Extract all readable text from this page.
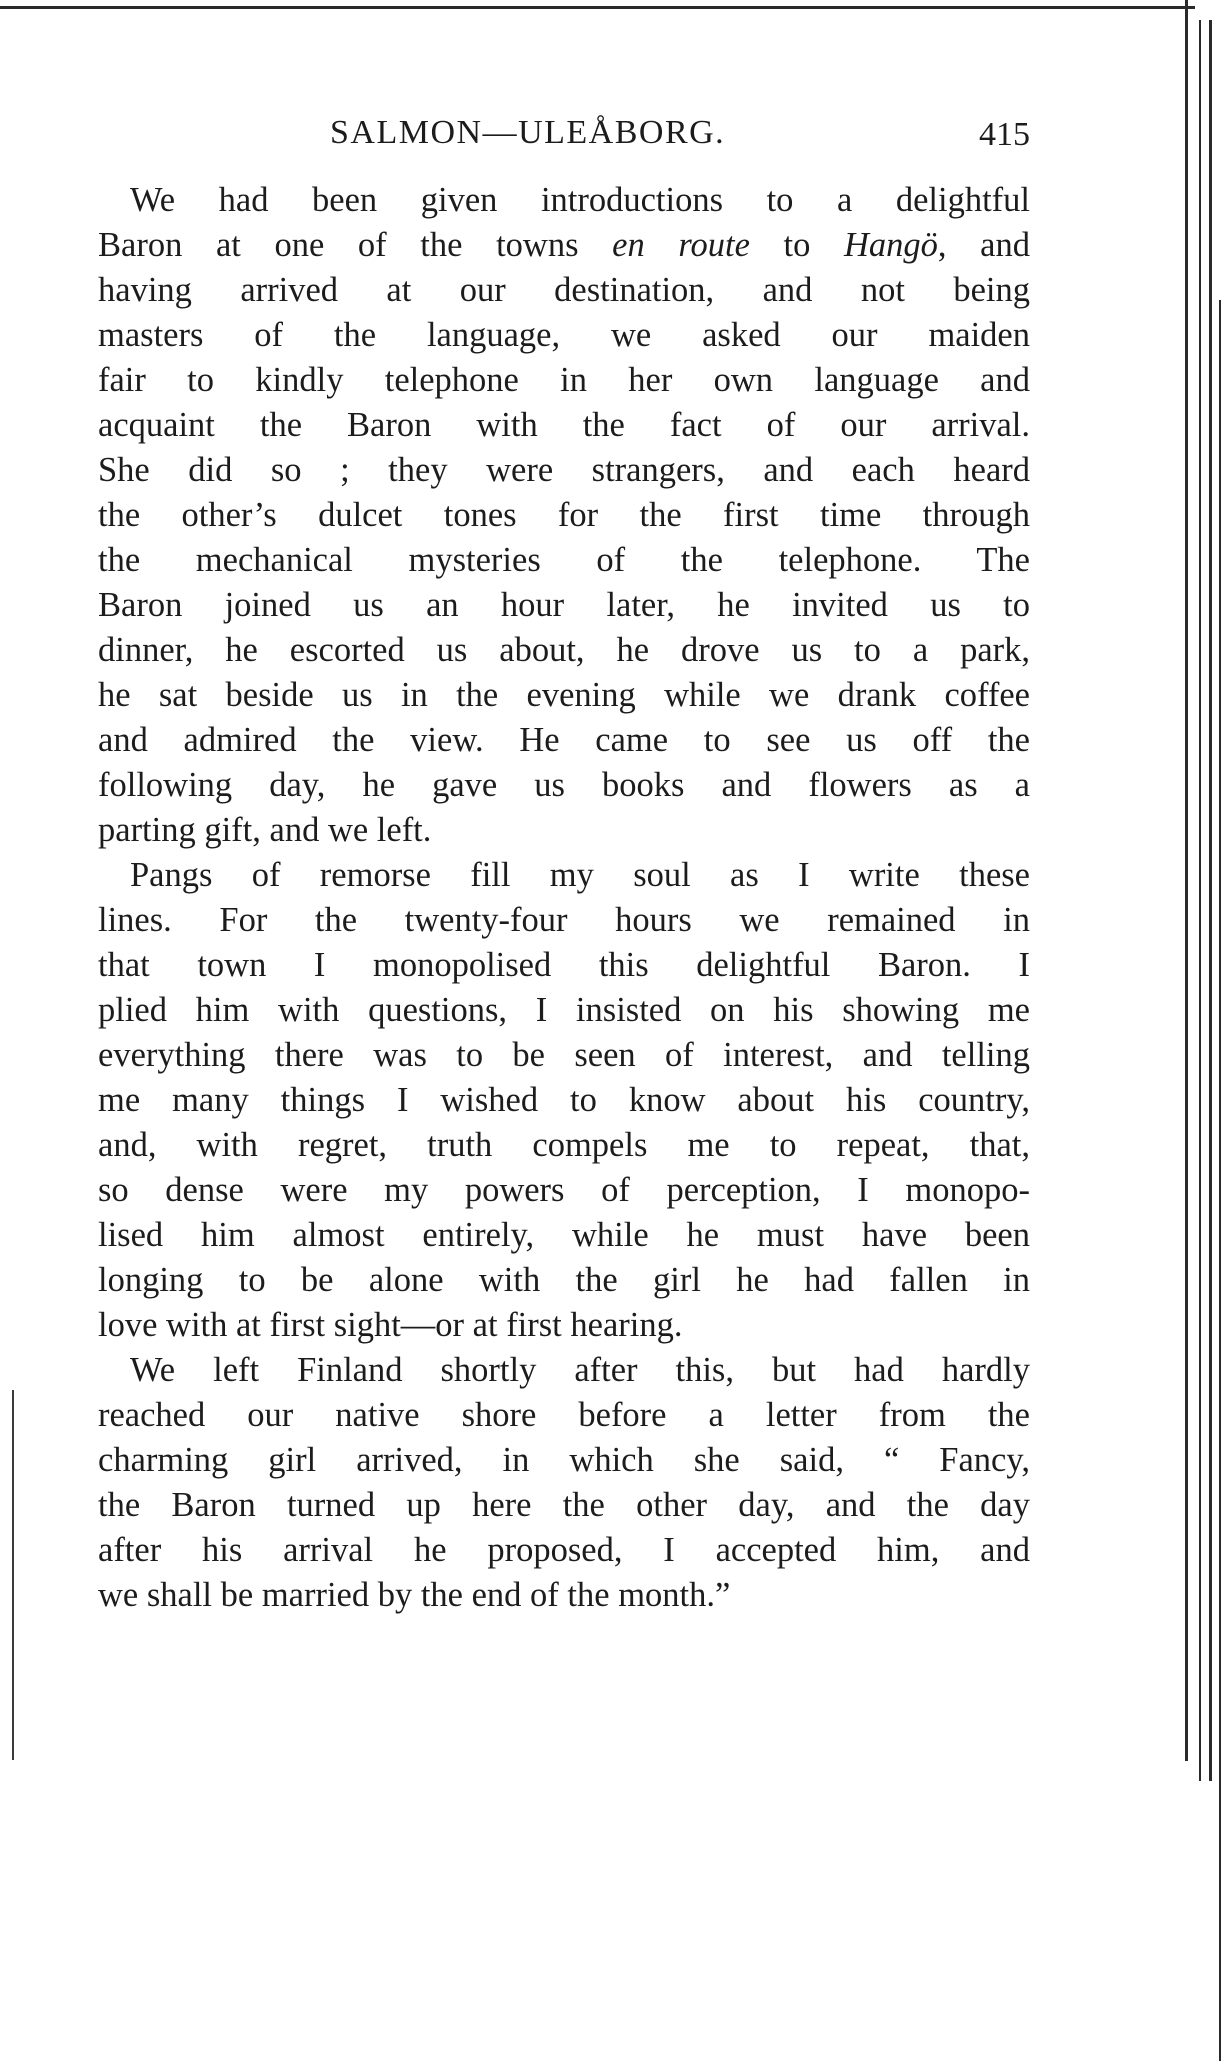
SALMON—ULEÅBORG.	415
We had been given introductions to a delightful
Baron at one of the towns en route to Hangö, and
having arrived at our destination, and not being
masters of the language, we asked our maiden
fair to kindly telephone in her own language and
acquaint the Baron with the fact of our arrival.
She did so ; they were strangers, and each heard
the other’s dulcet tones for the first time through
the mechanical mysteries of the telephone. The
Baron joined us an hour later, he invited us to
dinner, he escorted us about, he drove us to a park,
he sat beside us in the evening while we drank coffee
and admired the view. He came to see us off the
following day, he gave us books and flowers as a
parting gift, and we left.
Pangs of remorse fill my soul as I write these
lines. For the twenty-four hours we remained in
that town I monopolised this delightful Baron. I
plied him with questions, I insisted on his showing me
everything there was to be seen of interest, and telling
me many things I wished to know about his country,
and, with regret, truth compels me to repeat, that,
so dense were my powers of perception, I monopo-
lised him almost entirely, while he must have been
longing to be alone with the girl he had fallen in
love with at first sight—or at first hearing.
We left Finland shortly after this, but had hardly
reached our native shore before a letter from the
charming girl arrived, in which she said, “ Fancy,
the Baron turned up here the other day, and the day
after his arrival he proposed, I accepted him, and
we shall be married by the end of the month.”
